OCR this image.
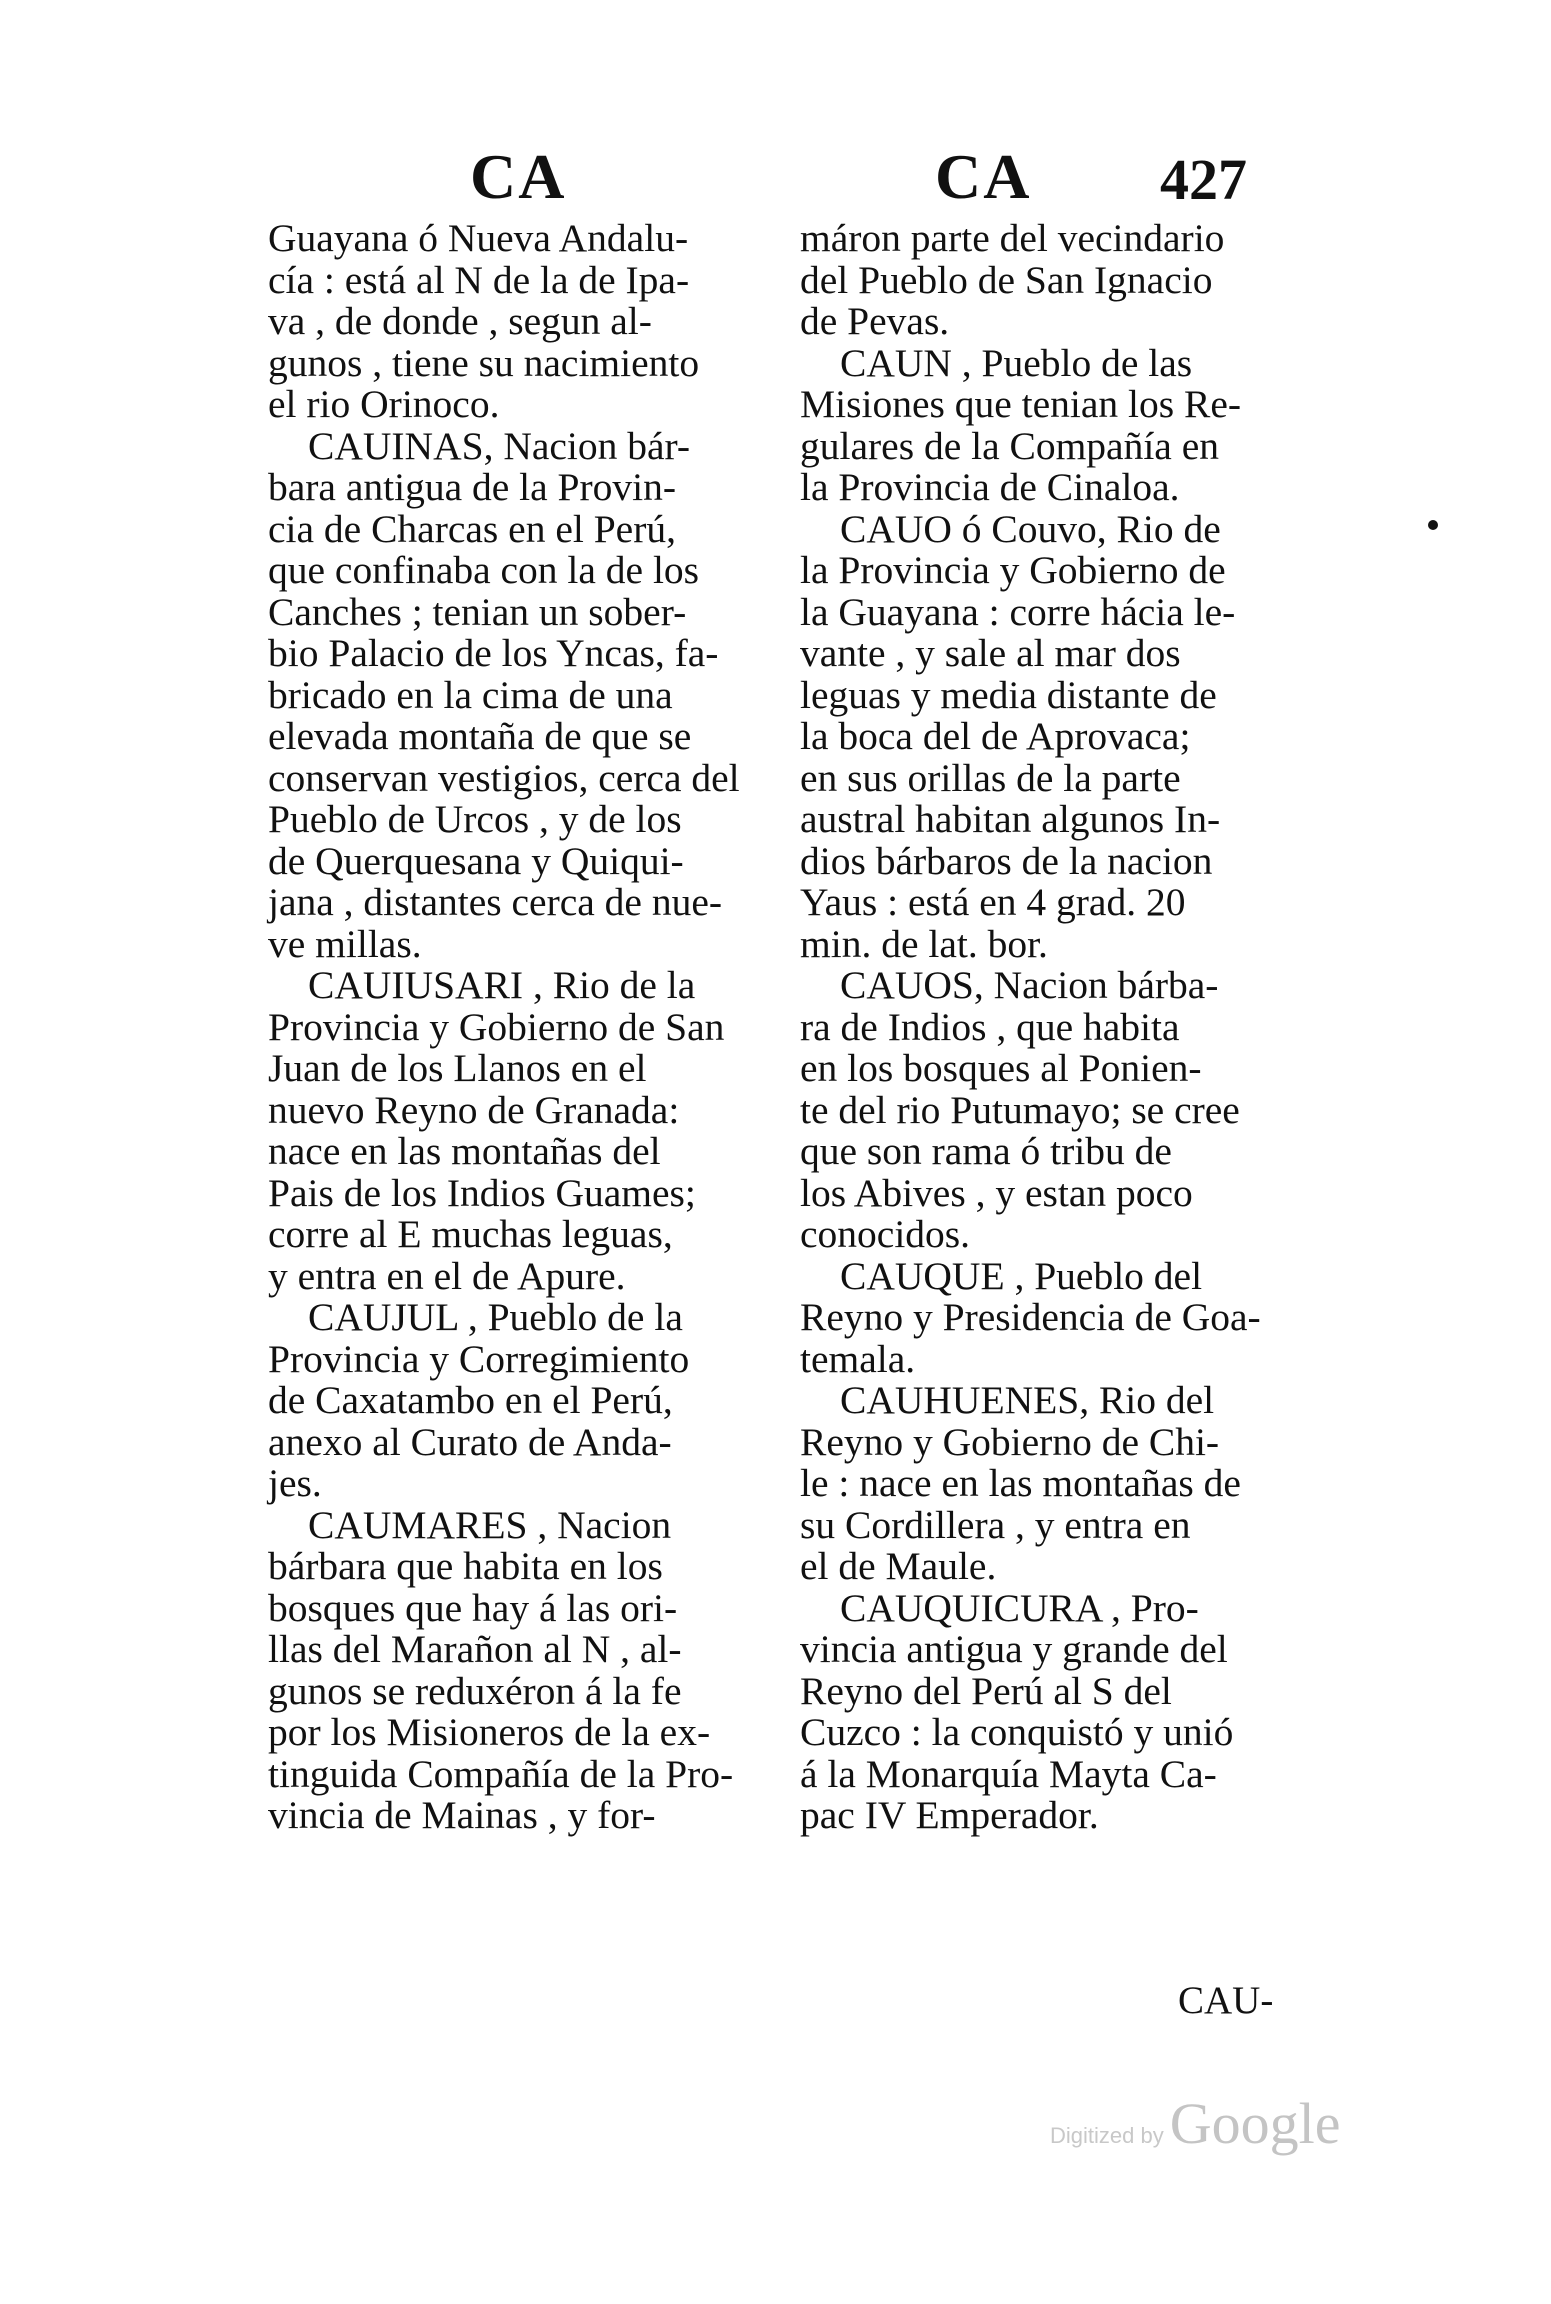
CA	CA 427
Guayana ó Nueva Andalu-
cía : está al N de la de Ipa-
va , de donde , segun al-
gunos , tiene su nacimiento
el rio Orinoco.
CAUINAS, Nacion bár-
bara antigua de la Provin-
cia de Charcas en el Perú,
que confinaba con la de los
Canches ; tenian un sober-
bio Palacio de los Yncas, fa-
bricado en la cima de una
elevada montaña de que se
conservan vestigios, cerca del
Pueblo de Urcos , y de los
de Querquesana y Quiqui-
jana , distantes cerca de nue-
ve millas.
CAUIUSARI , Rio de la
Provincia y Gobierno de San
Juan de los Llanos en el
nuevo Reyno de Granada:
nace en las montañas del
Pais de los Indios Guames;
corre al E muchas leguas,
y entra en el de Apure.
CAUJUL , Pueblo de la
Provincia y Corregimiento
de Caxatambo en el Perú,
anexo al Curato de Anda-
jes.
CAUMARES , Nacion
bárbara que habita en los
bosques que hay á las ori-
llas del Marañon al N , al-
gunos se reduxéron á la fe
por los Misioneros de la ex-
tinguida Compañía de la Pro-
vincia de Mainas , y for-
máron parte del vecindario
del Pueblo de San Ignacio
de Pevas.
CAUN , Pueblo de las
Misiones que tenian los Re-
gulares de la Compañía en
la Provincia de Cinaloa.
CAUO ó Couvo, Rio de
la Provincia y Gobierno de
la Guayana : corre hácia le-
vante , y sale al mar dos
leguas y media distante de
la boca del de Aprovaca;
en sus orillas de la parte
austral habitan algunos In-
dios bárbaros de la nacion
Yaus : está en 4 grad. 20
min. de lat. bor.
CAUOS, Nacion bárba-
ra de Indios , que habita
en los bosques al Ponien-
te del rio Putumayo; se cree
que son rama ó tribu de
los Abives , y estan poco
conocidos.
CAUQUE , Pueblo del
Reyno y Presidencia de Goa-
temala.
CAUHUENES, Rio del
Reyno y Gobierno de Chi-
le : nace en las montañas de
su Cordillera , y entra en
el de Maule.
CAUQUICURA , Pro-
vincia antigua y grande del
Reyno del Perú al S del
Cuzco : la conquistó y unió
á la Monarquía Mayta Ca-
pac IV Emperador.
CAU-
Digitized by Google
